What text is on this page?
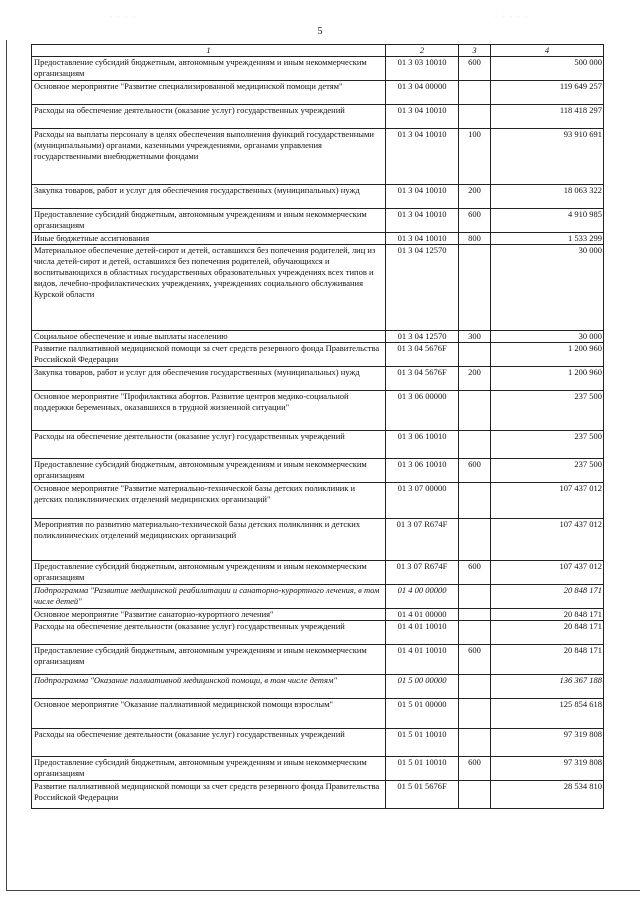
· · · ·	· · · · ·
5
1	2	3	4
Предоставление субсидий бюджетным, автономным учреждениям и иным некоммерческим организациям	01 3 03 10010	600	500 000
Основное мероприятие "Развитие специализированной медицинской помощи детям"	01 3 04 00000		119 649 257
Расходы на обеспечение деятельности (оказание услуг) государственных учреждений	01 3 04 10010		118 418 297
Расходы на выплаты персоналу в целях обеспечения выполнения функций государственными (муниципальными) органами, казенными учреждениями, органами управления государственными внебюджетными фондами	01 3 04 10010	100	93 910 691
Закупка товаров, работ и услуг для обеспечения государственных (муниципальных) нужд	01 3 04 10010	200	18 063 322
Предоставление субсидий бюджетным, автономным учреждениям и иным некоммерческим организациям	01 3 04 10010	600	4 910 985
Иные бюджетные ассигнования	01 3 04 10010	800	1 533 299
Материальное обеспечение детей-сирот и детей, оставшихся без попечения родителей, лиц из числа детей-сирот и детей, оставшихся без попечения родителей, обучающихся и воспитывающихся в областных государственных образовательных учреждениях всех типов и видов, лечебно-профилактических учреждениях, учреждениях социального обслуживания Курской области	01 3 04 12570		30 000
Социальное обеспечение и иные выплаты населению	01 3 04 12570	300	30 000
Развитие паллиативной медицинской помощи за счет средств резервного фонда Правительства Российской Федерации	01 3 04 5676F		1 200 960
Закупка товаров, работ и услуг для обеспечения государственных (муниципальных) нужд	01 3 04 5676F	200	1 200 960
Основное мероприятие "Профилактика абортов. Развитие центров медико-социальной поддержки беременных, оказавшихся в трудной жизненной ситуации"	01 3 06 00000		237 500
Расходы на обеспечение деятельности (оказание услуг) государственных учреждений	01 3 06 10010		237 500
Предоставление субсидий бюджетным, автономным учреждениям и иным некоммерческим организациям	01 3 06 10010	600	237 500
Основное мероприятие "Развитие материально-технической базы детских поликлиник и детских поликлинических отделений медицинских организаций"	01 3 07 00000		107 437 012
Мероприятия по развитию материально-технической базы детских поликлиник и детских поликлинических отделений медицинских организаций	01 3 07 R674F		107 437 012
Предоставление субсидий бюджетным, автономным учреждениям и иным некоммерческим организациям	01 3 07 R674F	600	107 437 012
Подпрограмма "Развитие медицинской реабилитации и санаторно-курортного лечения, в том числе детей"	01 4 00 00000		20 848 171
Основное мероприятие "Развитие санаторно-курортного лечения"	01 4 01 00000		20 848 171
Расходы на обеспечение деятельности (оказание услуг) государственных учреждений	01 4 01 10010		20 848 171
Предоставление субсидий бюджетным, автономным учреждениям и иным некоммерческим организациям	01 4 01 10010	600	20 848 171
Подпрограмма "Оказание паллиативной медицинской помощи, в том числе детям"	01 5 00 00000		136 367 188
Основное мероприятие "Оказание паллиативной медицинской помощи взрослым"	01 5 01 00000		125 854 618
Расходы на обеспечение деятельности (оказание услуг) государственных учреждений	01 5 01 10010		97 319 808
Предоставление субсидий бюджетным, автономным учреждениям и иным некоммерческим организациям	01 5 01 10010	600	97 319 808
Развитие паллиативной медицинской помощи за счет средств резервного фонда Правительства Российской Федерации	01 5 01 5676F		28 534 810
